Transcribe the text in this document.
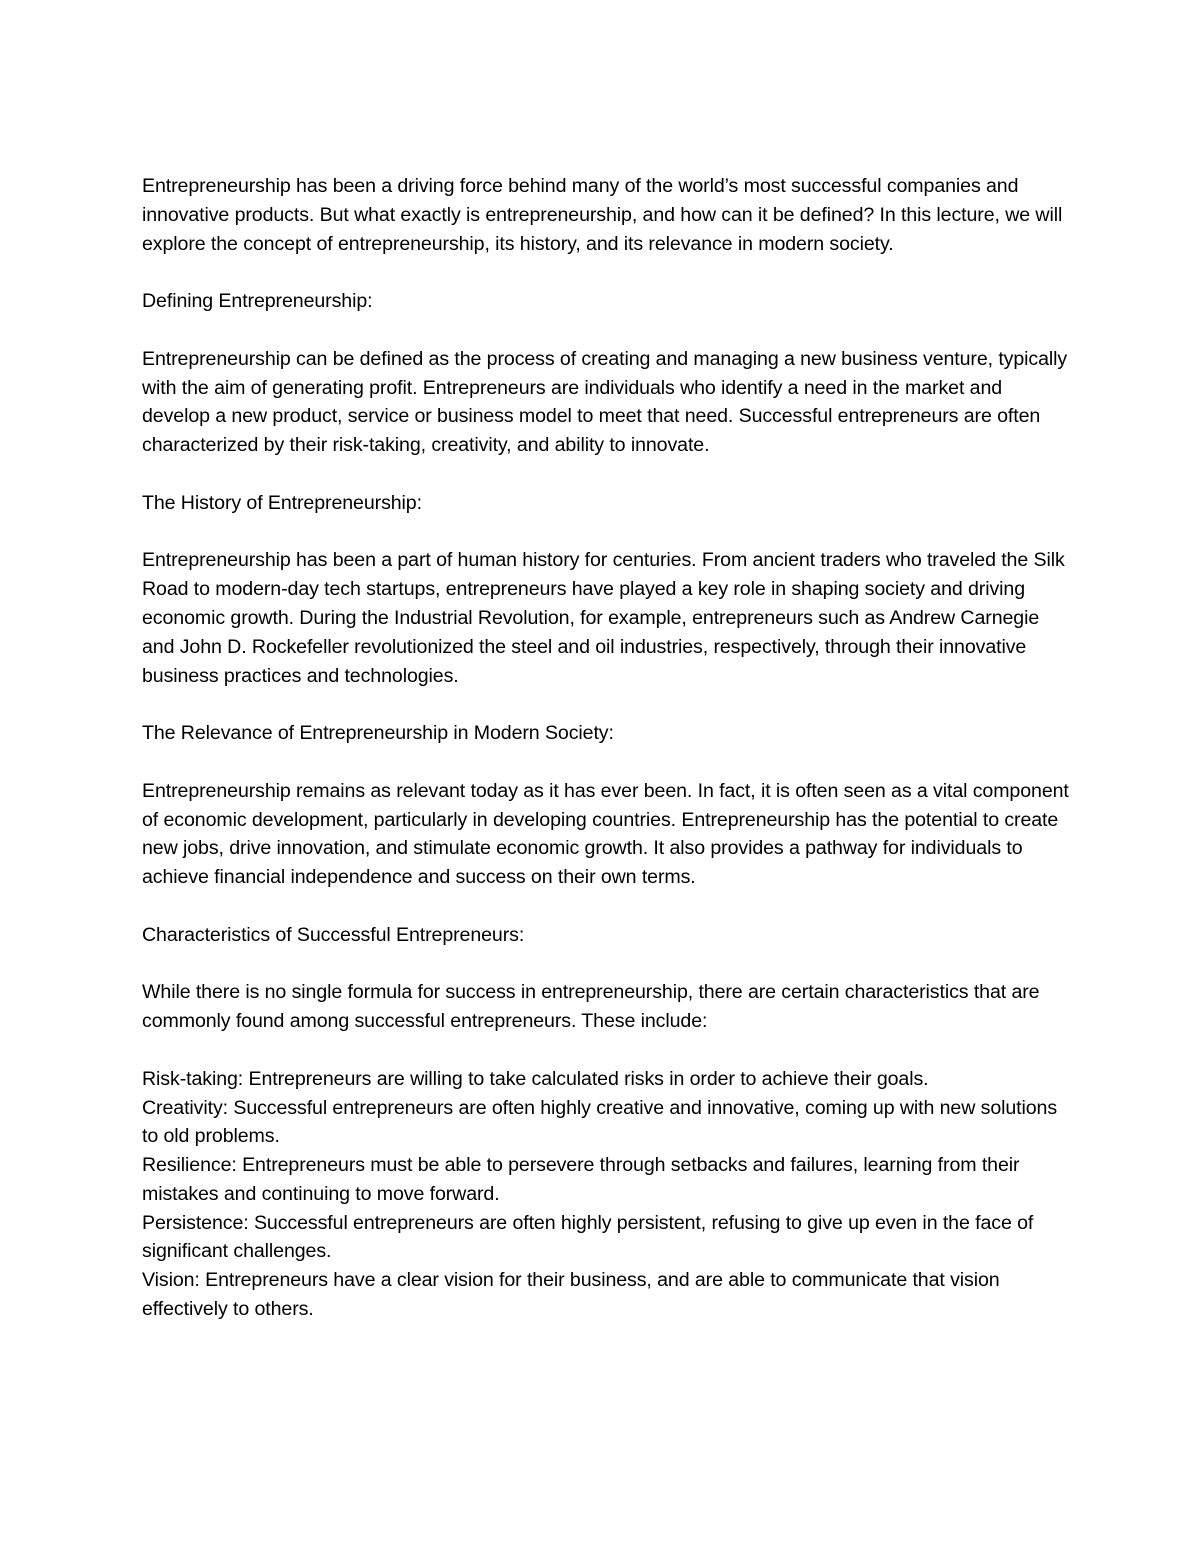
Entrepreneurship has been a driving force behind many of the world’s most successful companies and innovative products. But what exactly is entrepreneurship, and how can it be defined? In this lecture, we will explore the concept of entrepreneurship, its history, and its relevance in modern society.

Defining Entrepreneurship:

Entrepreneurship can be defined as the process of creating and managing a new business venture, typically with the aim of generating profit. Entrepreneurs are individuals who identify a need in the market and develop a new product, service or business model to meet that need. Successful entrepreneurs are often characterized by their risk-taking, creativity, and ability to innovate.

The History of Entrepreneurship:

Entrepreneurship has been a part of human history for centuries. From ancient traders who traveled the Silk Road to modern-day tech startups, entrepreneurs have played a key role in shaping society and driving economic growth. During the Industrial Revolution, for example, entrepreneurs such as Andrew Carnegie and John D. Rockefeller revolutionized the steel and oil industries, respectively, through their innovative business practices and technologies.

The Relevance of Entrepreneurship in Modern Society:

Entrepreneurship remains as relevant today as it has ever been. In fact, it is often seen as a vital component of economic development, particularly in developing countries. Entrepreneurship has the potential to create new jobs, drive innovation, and stimulate economic growth. It also provides a pathway for individuals to achieve financial independence and success on their own terms.

Characteristics of Successful Entrepreneurs:

While there is no single formula for success in entrepreneurship, there are certain characteristics that are commonly found among successful entrepreneurs. These include:

Risk-taking: Entrepreneurs are willing to take calculated risks in order to achieve their goals.
Creativity: Successful entrepreneurs are often highly creative and innovative, coming up with new solutions to old problems.
Resilience: Entrepreneurs must be able to persevere through setbacks and failures, learning from their mistakes and continuing to move forward.
Persistence: Successful entrepreneurs are often highly persistent, refusing to give up even in the face of significant challenges.
Vision: Entrepreneurs have a clear vision for their business, and are able to communicate that vision effectively to others.
